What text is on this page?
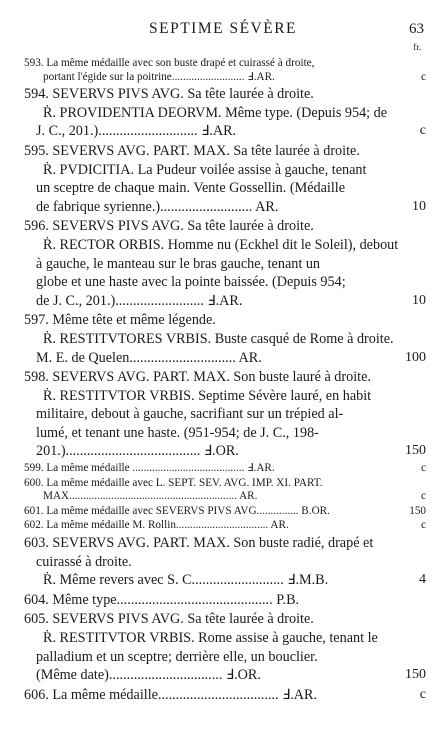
SEPTIME SÉVÈRE	63
fr.
593. La même médaille avec son buste drapé et cuirassé à droite,
portant l'égide sur la poitrine.......................... Ⅎ.AR.	c
594. SEVERVS PIVS AVG. Sa tête laurée à droite.
Ṙ. PROVIDENTIA DEORVM. Même type. (Depuis 954; de
J. C., 201.)............................ Ⅎ.AR.	c
595. SEVERVS AVG. PART. MAX. Sa tête laurée à droite.
Ṙ. PVDICITIA. La Pudeur voilée assise à gauche, tenant
un sceptre de chaque main. Vente Gossellin. (Médaille
de fabrique syrienne.).......................... AR.	10
596. SEVERVS PIVS AVG. Sa tête laurée à droite.
Ṙ. RECTOR ORBIS. Homme nu (Eckhel dit le Soleil), debout
à gauche, le manteau sur le bras gauche, tenant un
globe et une haste avec la pointe baissée. (Depuis 954;
de J. C., 201.)......................... Ⅎ.AR.	10
597. Même tête et même légende.
Ṙ. RESTITVTORES VRBIS. Buste casqué de Rome à droite.
M. E. de Quelen.............................. AR.	100
598. SEVERVS AVG. PART. MAX. Son buste lauré à droite.
Ṙ. RESTITVTOR VRBIS. Septime Sévère lauré, en habit
militaire, debout à gauche, sacrifiant sur un trépied al-
lumé, et tenant une haste. (951-954; de J. C., 198-
201.)...................................... Ⅎ.OR.	150
599. La même médaille ........................................ Ⅎ.AR.	c
600. La même médaille avec L. SEPT. SEV. AVG. IMP. XI. PART.
MAX............................................................ AR.	c
601. La même médaille avec SEVERVS PIVS AVG............... B.OR.	150
602. La même médaille M. Rollin................................. AR.	c
603. SEVERVS AVG. PART. MAX. Son buste radié, drapé et
cuirassé à droite.
Ṙ. Même revers avec S. C.......................... Ⅎ.M.B.	4
604. Même type............................................ P.B.
605. SEVERVS PIVS AVG. Sa tête laurée à droite.
Ṙ. RESTITVTOR VRBIS. Rome assise à gauche, tenant le
palladium et un sceptre; derrière elle, un bouclier.
(Même date)................................ Ⅎ.OR.	150
606. La même médaille.................................. Ⅎ.AR.	c
